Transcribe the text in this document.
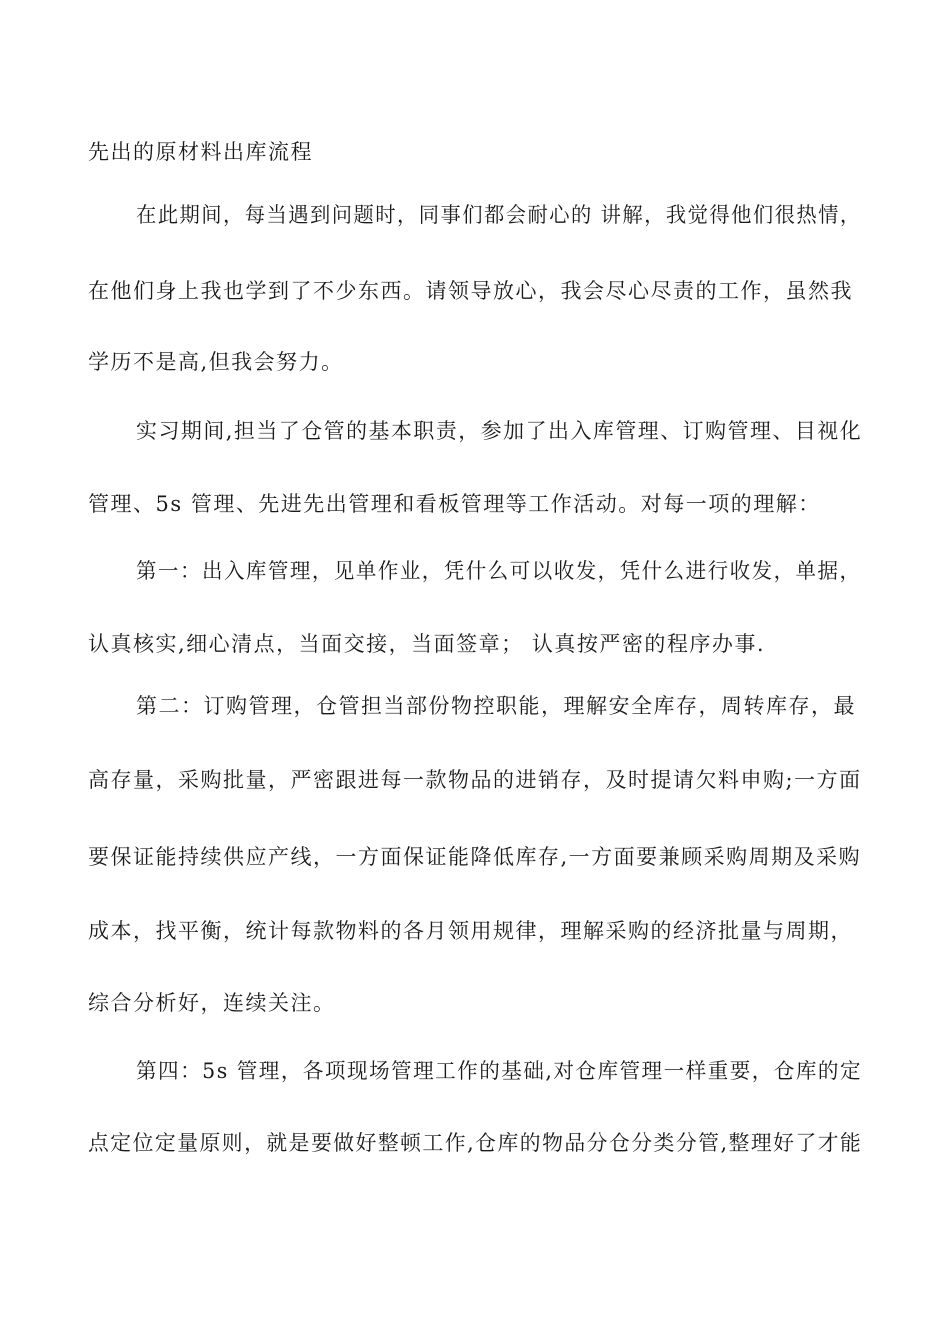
先出的原材料出库流程
在此期间，每当遇到问题时，同事们都会耐心的 讲解，我觉得他们很热情，
在他们身上我也学到了不少东西。请领导放心，我会尽心尽责的工作，虽然我
学历不是高,但我会努力。
实习期间,担当了仓管的基本职责，参加了出入库管理、订购管理、目视化
管理、5s 管理、先进先出管理和看板管理等工作活动。对每一项的理解：
第一：出入库管理，见单作业，凭什么可以收发，凭什么进行收发，单据，
认真核实,细心清点，当面交接，当面签章； 认真按严密的程序办事.
第二：订购管理，仓管担当部份物控职能，理解安全库存，周转库存，最
高存量，采购批量，严密跟进每一款物品的进销存，及时提请欠料申购;一方面
要保证能持续供应产线，一方面保证能降低库存,一方面要兼顾采购周期及采购
成本，找平衡，统计每款物料的各月领用规律，理解采购的经济批量与周期，
综合分析好，连续关注。
第四：5s 管理，各项现场管理工作的基础,对仓库管理一样重要，仓库的定
点定位定量原则，就是要做好整顿工作,仓库的物品分仓分类分管,整理好了才能
